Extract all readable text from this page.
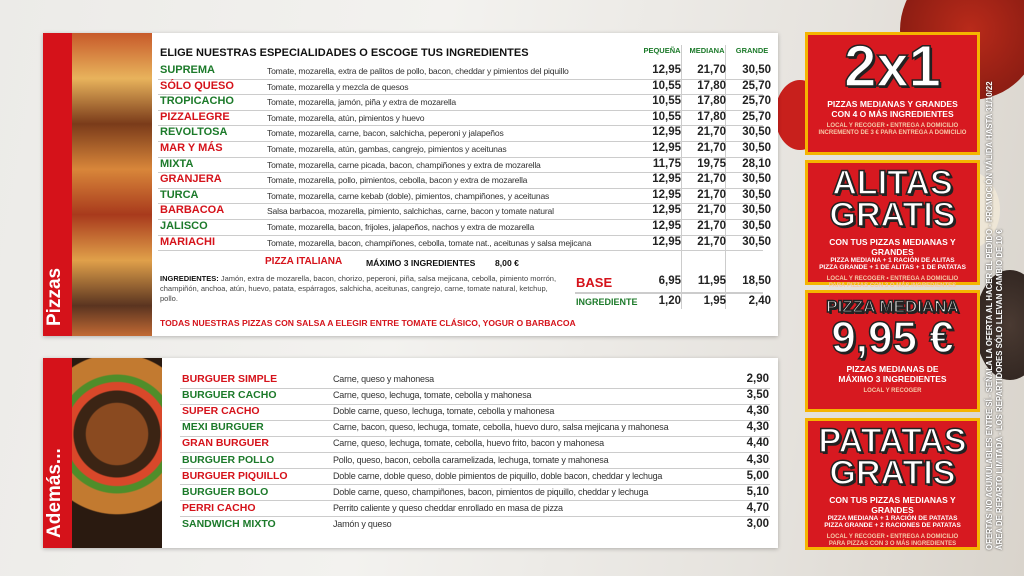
Pizzas
ELIGE NUESTRAS ESPECIALIDADES O ESCOGE TUS INGREDIENTES	PEQUEÑA	MEDIANA	GRANDE
SUPREMA	Tomate, mozarella, extra de palitos de pollo, bacon, cheddar y pimientos del piquillo	12,95	21,70	30,50
SÓLO QUESO	Tomate, mozarella y mezcla de quesos	10,55	17,80	25,70
TROPICACHO	Tomate, mozarella, jamón, piña y extra de mozarella	10,55	17,80	25,70
PIZZALEGRE	Tomate, mozarella, atún, pimientos y huevo	10,55	17,80	25,70
REVOLTOSA	Tomate, mozarella, carne, bacon, salchicha, peperoni y jalapeños	12,95	21,70	30,50
MAR Y MÁS	Tomate, mozarella, atún, gambas, cangrejo, pimientos y aceitunas	12,95	21,70	30,50
MIXTA	Tomate, mozarella, carne picada, bacon, champiñones y extra de mozarella	11,75	19,75	28,10
GRANJERA	Tomate, mozarella, pollo, pimientos, cebolla, bacon y extra de mozarella	12,95	21,70	30,50
TURCA	Tomate, mozarella, carne kebab (doble), pimientos, champiñones, y aceitunas	12,95	21,70	30,50
BARBACOA	Salsa barbacoa, mozarella, pimiento, salchichas, carne, bacon y tomate natural	12,95	21,70	30,50
JALISCO	Tomate, mozarella, bacon, frijoles, jalapeños, nachos y extra de mozarella	12,95	21,70	30,50
MARIACHI	Tomate, mozarella, bacon, champiñones, cebolla, tomate nat., aceitunas y salsa mejicana	12,95	21,70	30,50
PIZZA ITALIANA	MÁXIMO 3 INGREDIENTES 8,00 €
INGREDIENTES: Jamón, extra de mozarella, bacon, chorizo, peperoni, piña, salsa mejicana, cebolla, pimiento morrón, champiñón, anchoa, atún, huevo, patata, espárragos, salchicha, aceitunas, cangrejo, carne, tomate natural, ketchup, pollo.
BASE	6,95	11,95	18,50
INGREDIENTE	1,20	1,95	2,40
TODAS NUESTRAS PIZZAS CON SALSA A ELEGIR ENTRE TOMATE CLÁSICO, YOGUR O BARBACOA
Además...
BURGUER SIMPLE	Carne, queso y mahonesa	2,90
BURGUER CACHO	Carne, queso, lechuga, tomate, cebolla y mahonesa	3,50
SUPER CACHO	Doble carne, queso, lechuga, tomate, cebolla y mahonesa	4,30
MEXI BURGUER	Carne, bacon, queso, lechuga, tomate, cebolla, huevo duro, salsa mejicana y mahonesa	4,30
GRAN BURGUER	Carne, queso, lechuga, tomate, cebolla, huevo frito, bacon y mahonesa	4,40
BURGUER POLLO	Pollo, queso, bacon, cebolla caramelizada, lechuga, tomate y mahonesa	4,30
BURGUER PIQUILLO	Doble carne, doble queso, doble pimientos de piquillo, doble bacon, cheddar y lechuga	5,00
BURGUER BOLO	Doble carne, queso, champiñones, bacon, pimientos de piquillo, cheddar y lechuga	5,10
PERRI CACHO	Perrito caliente y queso cheddar enrollado en masa de pizza	4,70
SANDWICH MIXTO	Jamón y queso	3,00
2x1
PIZZAS MEDIANAS Y GRANDES
CON 4 O MÁS INGREDIENTES
LOCAL Y RECOGER • ENTREGA A DOMICILIO
INCREMENTO DE 3 € PARA ENTREGA A DOMICILIO
ALITAS
GRATIS
CON TUS PIZZAS MEDIANAS Y GRANDES
PIZZA MEDIANA + 1 RACIÓN DE ALITAS
PIZZA GRANDE + 1 DE ALITAS + 1 DE PATATAS
LOCAL Y RECOGER • ENTREGA A DOMICILIO
PARA PIZZAS CON 3 O MÁS INGREDIENTES
PIZZA MEDIANA
9,95 €
PIZZAS MEDIANAS DE
MÁXIMO 3 INGREDIENTES
LOCAL Y RECOGER
PATATAS
GRATIS
CON TUS PIZZAS MEDIANAS Y GRANDES
PIZZA MEDIANA + 1 RACIÓN DE PATATAS
PIZZA GRANDE + 2 RACIONES DE PATATAS
LOCAL Y RECOGER • ENTREGA A DOMICILIO
PARA PIZZAS CON 3 O MÁS INGREDIENTES	OFERTAS NO ACUMULABLES ENTRE SÍ - SEÑALA LA OFERTA AL HACER EL PEDIDO - PROMOCIÓN VÁLIDA HASTA 31/10/22 ÁREA DE REPARTO LIMITADA - LOS REPARTIDORES SÓLO LLEVAN CAMBIO DE 10 €
